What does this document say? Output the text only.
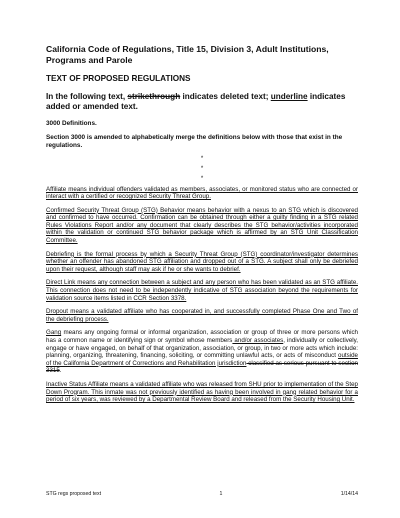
California Code of Regulations, Title 15, Division 3, Adult Institutions, Programs and Parole
TEXT OF PROPOSED REGULATIONS
In the following text, strikethrough indicates deleted text; underline indicates added or amended text.
3000 Definitions.
Section 3000 is amended to alphabetically merge the definitions below with those that exist in the regulations.
*
*
*

Affiliate means individual offenders validated as members, associates, or monitored status who are connected or interact with a certified or recognized Security Threat Group.

Confirmed Security Threat Group (STG) Behavior means behavior with a nexus to an STG which is discovered and confirmed to have occurred. Confirmation can be obtained through either a guilty finding in a STG related Rules Violations Report and/or any document that clearly describes the STG behavior/activities incorporated within the validation or continued STG behavior package which is affirmed by an STG Unit Classification Committee.

Debriefing is the formal process by which a Security Threat Group (STG) coordinator/investigator determines whether an offender has abandoned STG affiliation and dropped out of a STG. A subject shall only be debriefed upon their request, although staff may ask if he or she wants to debrief.

Direct Link means any connection between a subject and any person who has been validated as an STG affiliate. This connection does not need to be independently indicative of STG association beyond the requirements for validation source items listed in CCR Section 3378.

Dropout means a validated affiliate who has cooperated in, and successfully completed Phase One and Two of the debriefing process.

Gang means any ongoing formal or informal organization, association or group of three or more persons which has a common name or identifying sign or symbol whose members and/or associates, individually or collectively, engage or have engaged, on behalf of that organization, association, or group, in two or more acts which include: planning, organizing, threatening, financing, soliciting, or committing unlawful acts, or acts of misconduct outside of the California Department of Corrections and Rehabilitation jurisdiction classified as serious pursuant to section 3315.

Inactive Status Affiliate means a validated affiliate who was released from SHU prior to implementation of the Step Down Program. This inmate was not previously identified as having been involved in gang related behavior for a period of six years, was reviewed by a Departmental Review Board and released from the Security Housing Unit.

STG regs proposed text	1	1/14/14
